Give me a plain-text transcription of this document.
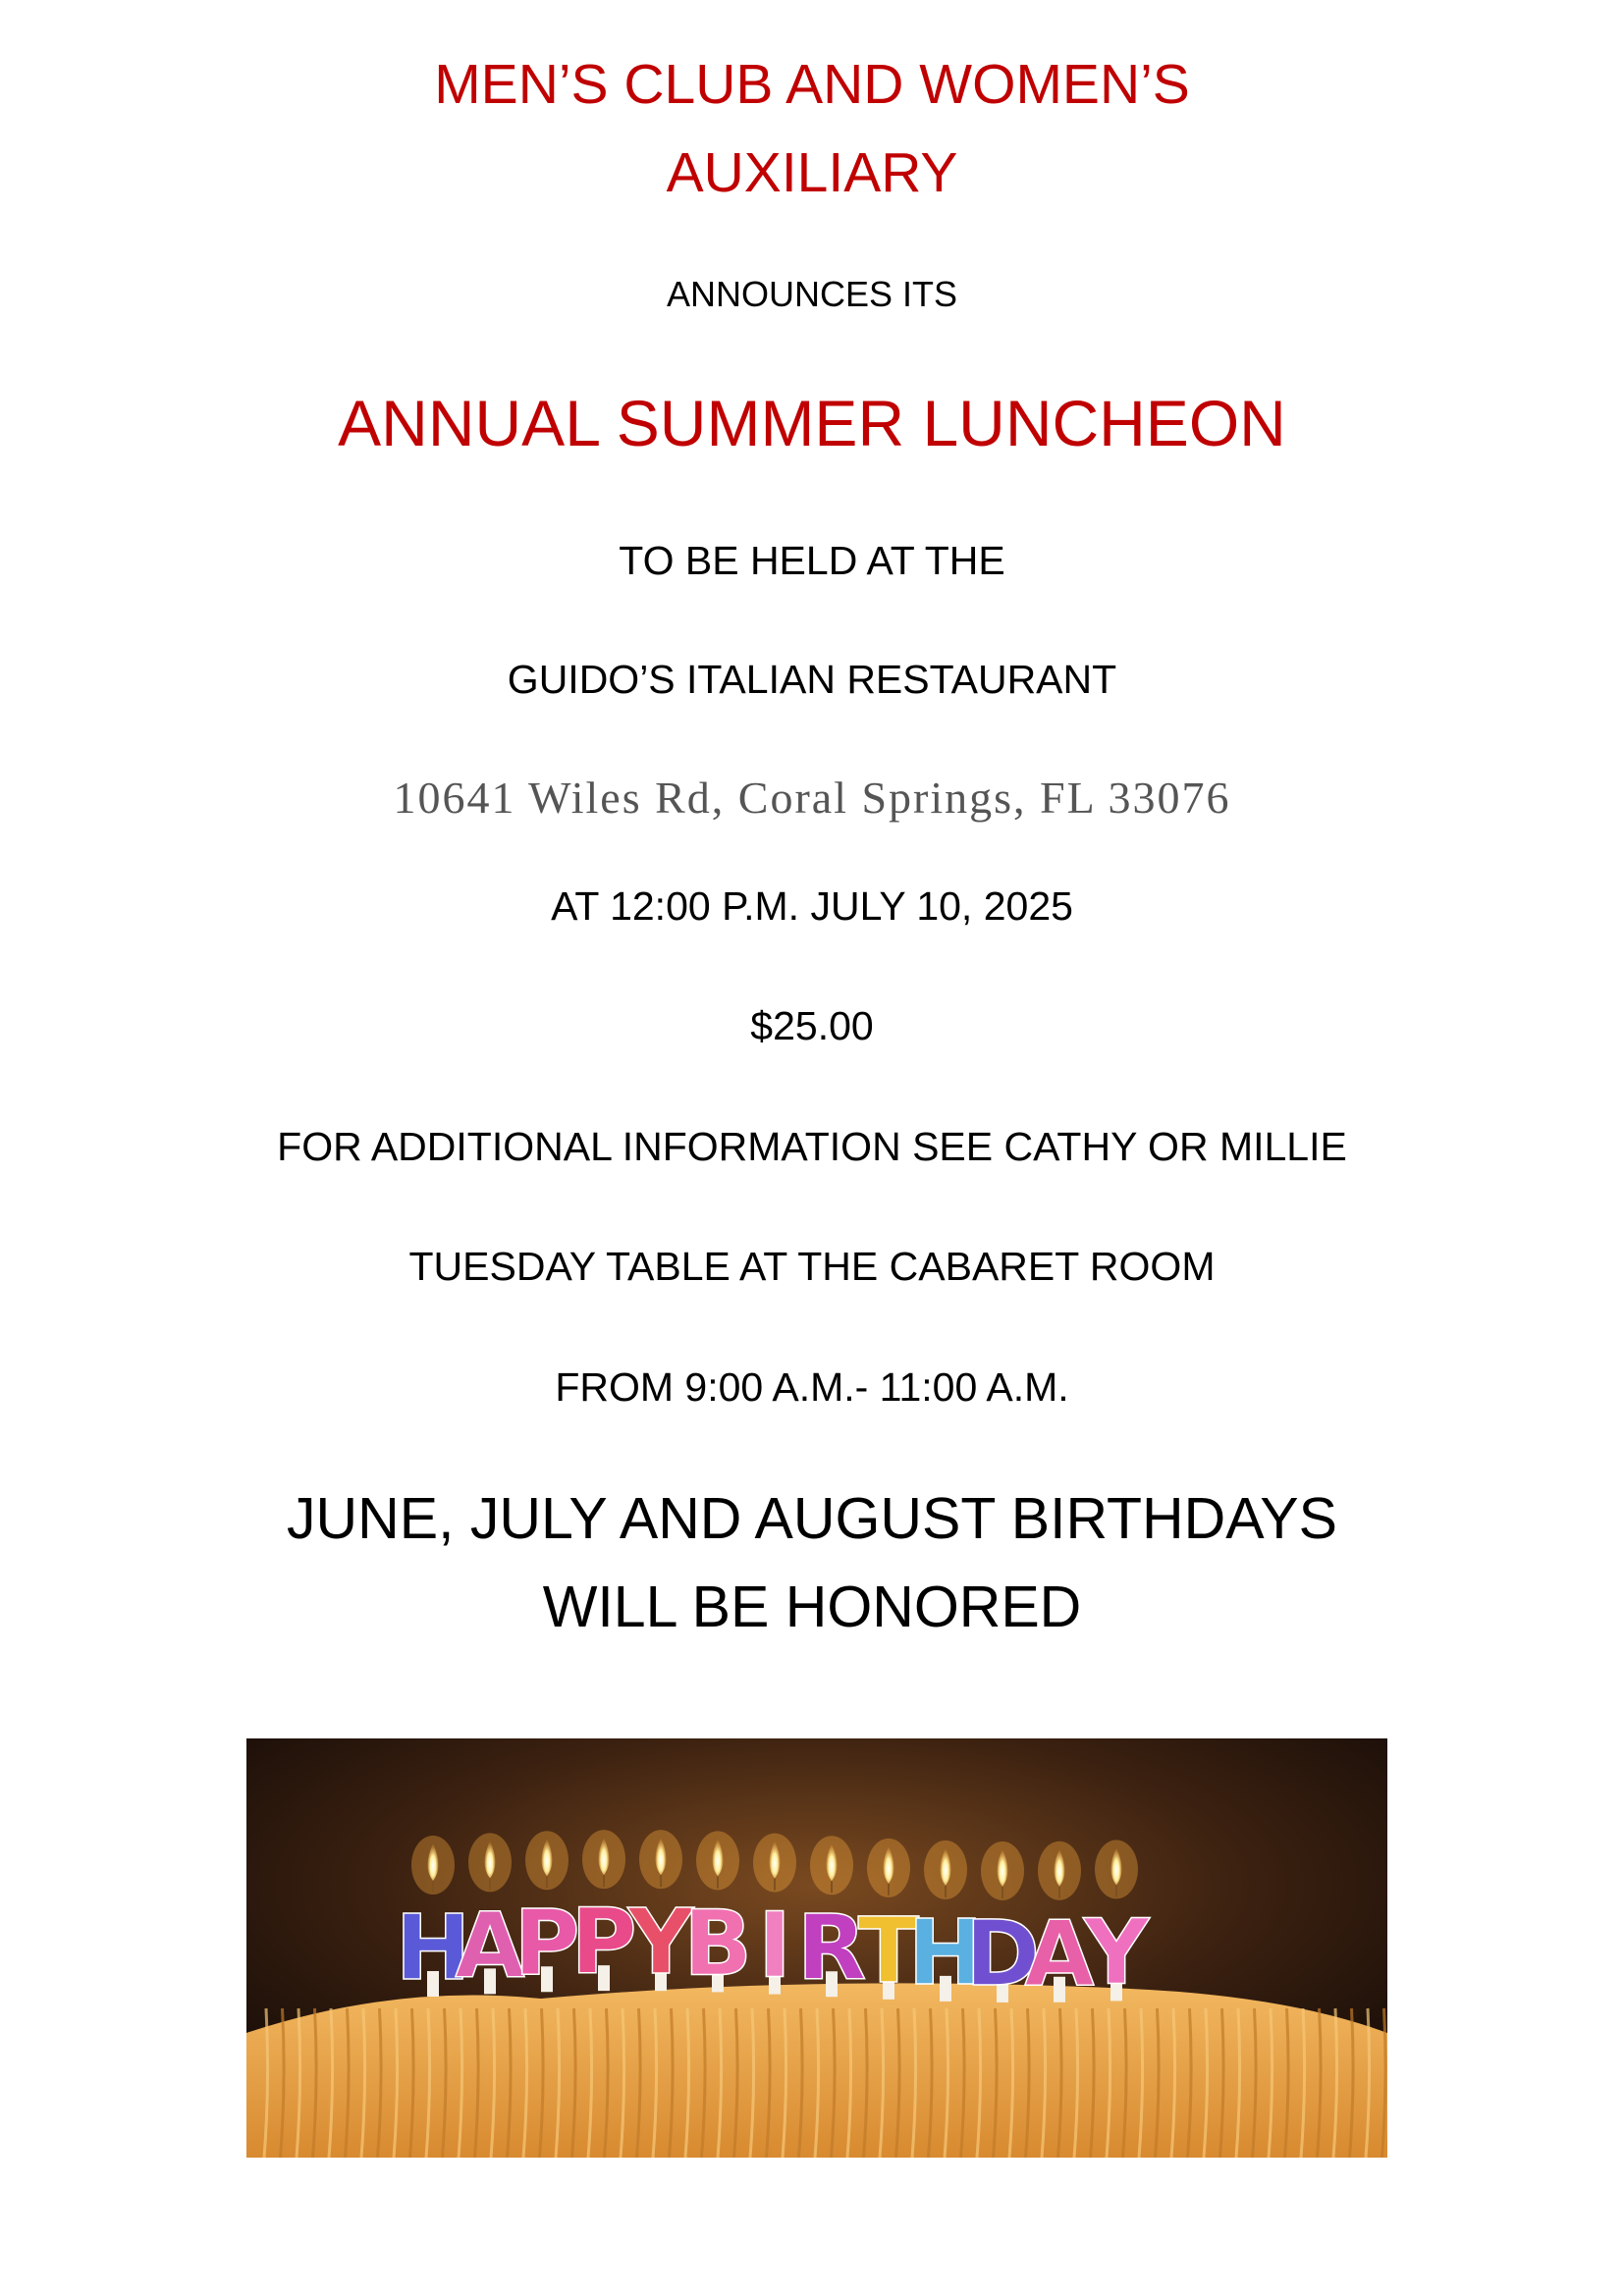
MEN’S CLUB AND WOMEN’S
AUXILIARY
ANNOUNCES ITS
ANNUAL SUMMER LUNCHEON
TO BE HELD AT THE
GUIDO’S ITALIAN RESTAURANT
10641 Wiles Rd, Coral Springs, FL 33076
AT 12:00 P.M. JULY 10, 2025
$25.00
FOR ADDITIONAL INFORMATION SEE CATHY OR MILLIE
TUESDAY TABLE AT THE CABARET ROOM
FROM 9:00 A.M.- 11:00 A.M.
JUNE, JULY AND AUGUST BIRTHDAYS
WILL BE HONORED
H
A
P
P
Y
B I R
T
H
D
A
Y
